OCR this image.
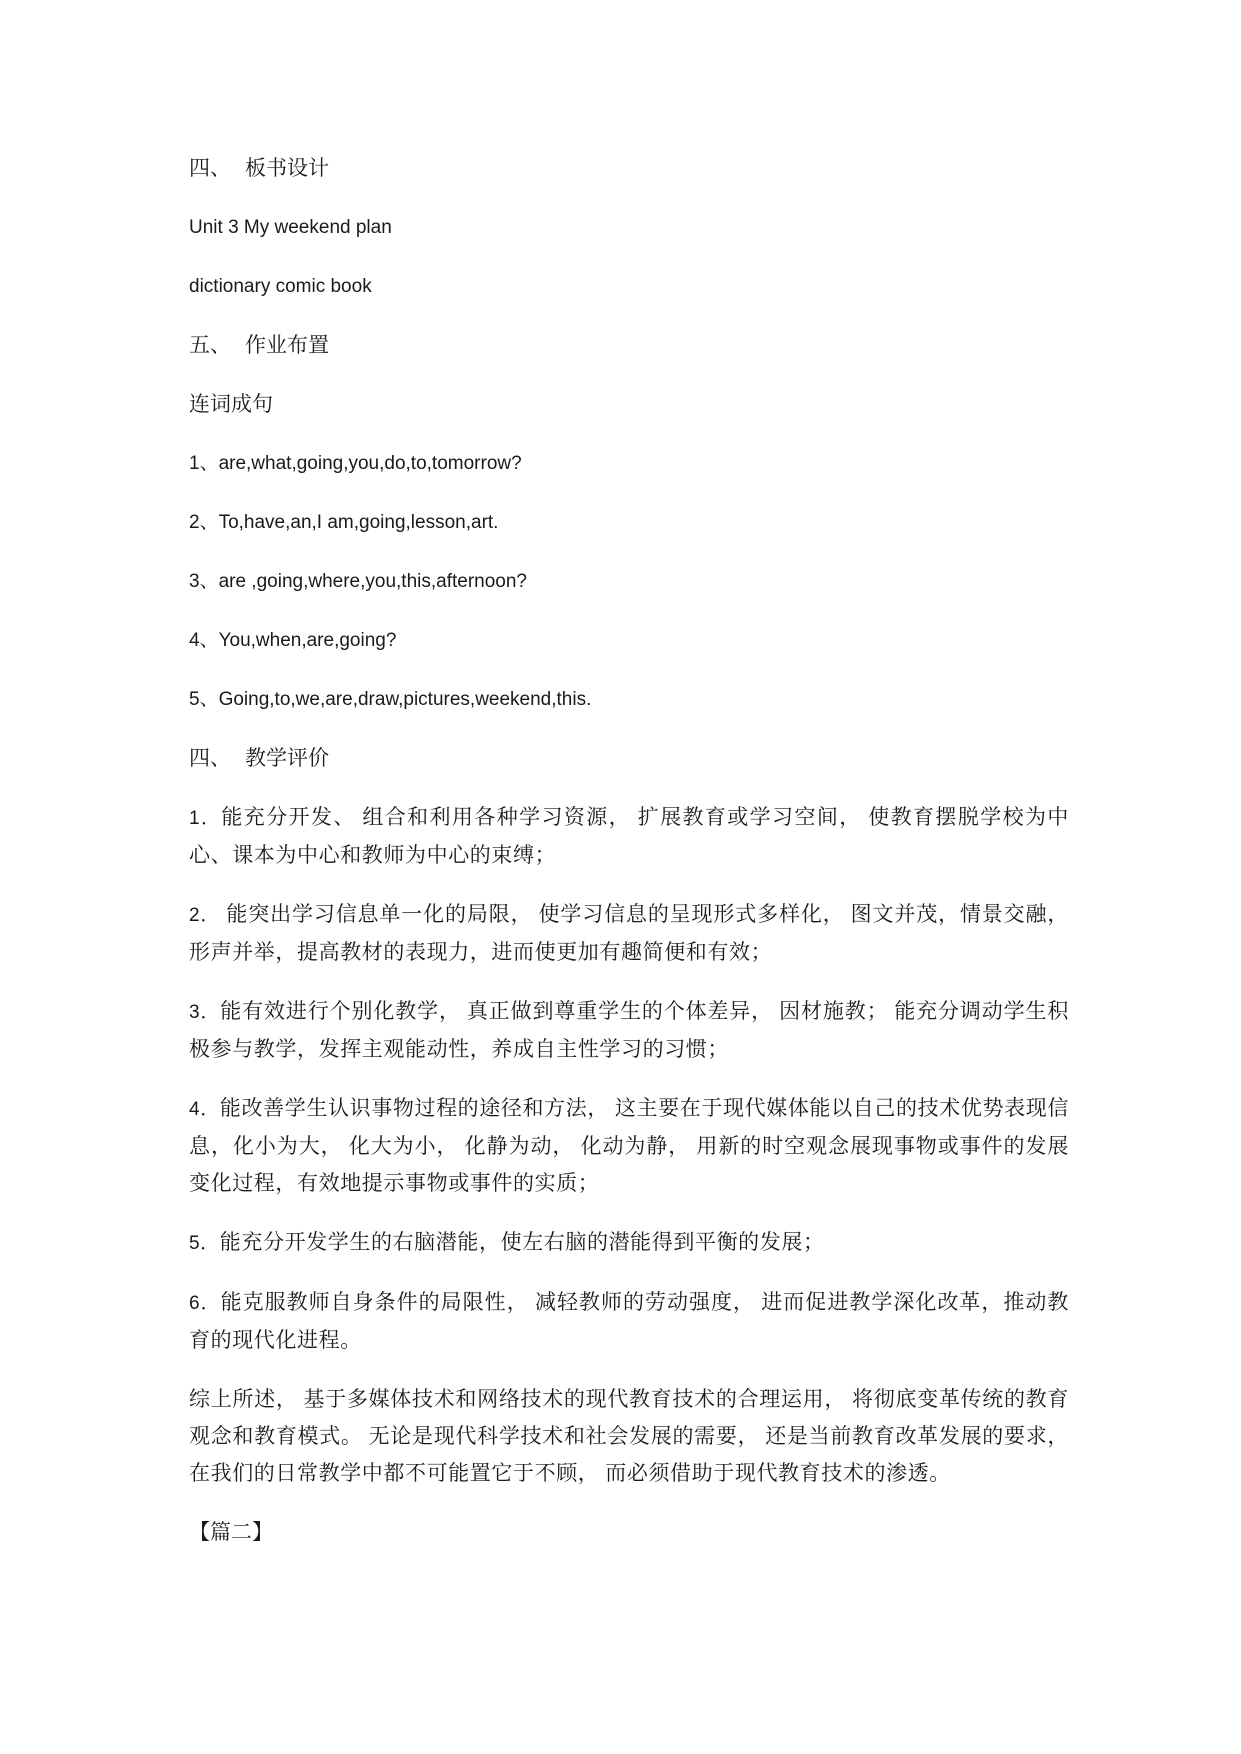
四、 板书设计
Unit 3 My weekend plan
dictionary comic book
五、 作业布置
连词成句
1、are,what,going,you,do,to,tomorrow?
2、To,have,an,I am,going,lesson,art.
3、are ,going,where,you,this,afternoon?
4、You,when,are,going?
5、Going,to,we,are,draw,pictures,weekend,this.
四、 教学评价

1．能充分开发、 组合和利用各种学习资源， 扩展教育或学习空间， 使教育摆脱学校为中心、课本为中心和教师为中心的束缚；

2． 能突出学习信息单一化的局限， 使学习信息的呈现形式多样化， 图文并茂，情景交融，形声并举，提高教材的表现力，进而使更加有趣简便和有效；

3．能有效进行个别化教学， 真正做到尊重学生的个体差异， 因材施教； 能充分调动学生积极参与教学，发挥主观能动性，养成自主性学习的习惯；

4．能改善学生认识事物过程的途径和方法， 这主要在于现代媒体能以自己的技术优势表现信息，化小为大， 化大为小， 化静为动， 化动为静， 用新的时空观念展现事物或事件的发展变化过程，有效地提示事物或事件的实质；

5．能充分开发学生的右脑潜能，使左右脑的潜能得到平衡的发展；

6．能克服教师自身条件的局限性， 减轻教师的劳动强度， 进而促进教学深化改革，推动教育的现代化进程。

综上所述， 基于多媒体技术和网络技术的现代教育技术的合理运用， 将彻底变革传统的教育观念和教育模式。 无论是现代科学技术和社会发展的需要， 还是当前教育改革发展的要求， 在我们的日常教学中都不可能置它于不顾， 而必须借助于现代教育技术的渗透。

【篇二】
